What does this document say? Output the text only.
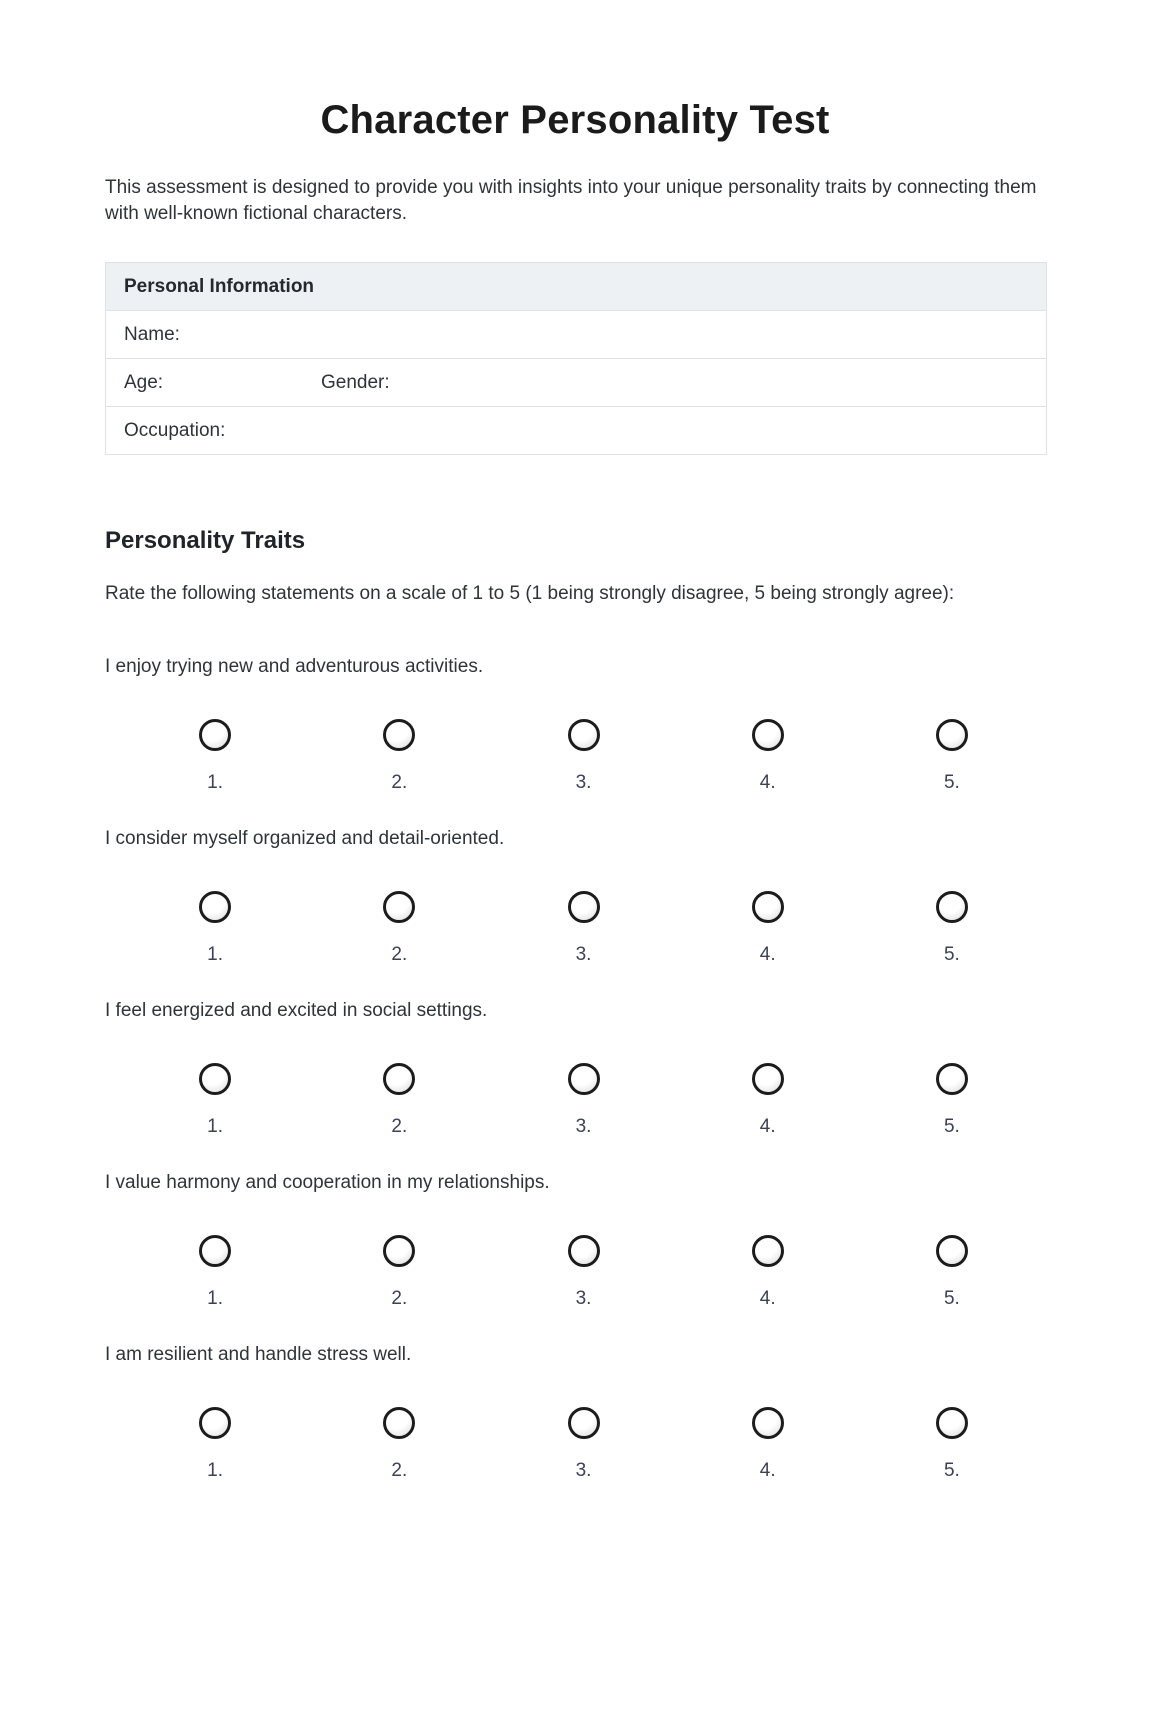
Character Personality Test

This assessment is designed to provide you with insights into your unique personality traits by connecting them with well-known fictional characters.

Personal Information
Name:
Age:	Gender:
Occupation:
Personality Traits

Rate the following statements on a scale of 1 to 5 (1 being strongly disagree, 5 being strongly agree):

I enjoy trying new and adventurous activities.

1.	2.	3.	4.	5.

I consider myself organized and detail-oriented.

1.	2.	3.	4.	5.

I feel energized and excited in social settings.

1.	2.	3.	4.	5.

I value harmony and cooperation in my relationships.

1.	2.	3.	4.	5.

I am resilient and handle stress well.

1.	2.	3.	4.	5.
